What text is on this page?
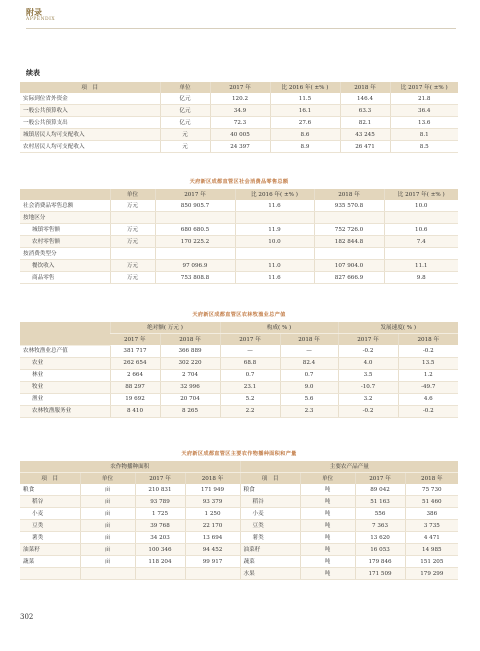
附录
APPENDIX
续表
项　目	单位	2017 年	比 2016 年( ±% )	2018 年	比 2017 年( ±% )
实际到位省外资金	亿元	120.2	11.5	146.4	21.8
一般公共预算收入	亿元	34.9	16.1	63.3	36.4
一般公共预算支出	亿元	72.3	27.6	82.1	13.6
城镇居民人均可支配收入	元	40 005	8.6	43 245	8.1
农村居民人均可支配收入	元	24 397	8.9	26 471	8.5
天府新区成都直管区社会消费品零售总额
	单位	2017 年	比 2016 年( ±% )	2018 年	比 2017 年( ±% )
社会消费品零售总额	万元	850 905.7	11.6	935 570.8	10.0
按地区分					
城镇零售额	万元	680 680.5	11.9	752 726.0	10.6
农村零售额	万元	170 225.2	10.0	182 844.8	7.4
按消费类型分					
餐饮收入	万元	97 096.9	11.0	107 904.0	11.1
商品零售	万元	753 808.8	11.6	827 666.9	9.8
天府新区成都直管区农林牧渔业总产值
	绝对额( 万元 )		构成( % )		发展速度( % )	
	2017 年	2018 年	2017 年	2018 年	2017 年	2018 年
农林牧渔业总产值	381 717	366 889	—	—	-0.2	-0.2
农业	262 654	302 220	68.8	82.4	4.0	13.5
林业	2 664	2 704	0.7	0.7	3.5	1.2
牧业	88 297	32 996	23.1	9.0	-10.7	-49.7
渔业	19 692	20 704	5.2	5.6	3.2	4.6
农林牧渔服务业	8 410	8 265	2.2	2.3	-0.2	-0.2
天府新区成都直管区主要农作物播种面积和产量
农作物播种面积				主要农产品产量			
项　目	单位	2017 年	2018 年	项　目	单位	2017 年	2018 年
粮食	亩	210 831	171 949	粮食	吨	89 042	75 730
稻谷	亩	93 789	93 379	稻谷	吨	51 163	51 460
小麦	亩	1 725	1 250	小麦	吨	556	386
豆类	亩	39 768	22 170	豆类	吨	7 363	3 735
薯类	亩	34 203	13 694	薯类	吨	13 620	4 471
油菜籽	亩	100 346	94 452	油菜籽	吨	16 053	14 985
蔬菜	亩	118 204	99 917	蔬菜	吨	179 846	151 205
				水果	吨	171 509	179 299
302
